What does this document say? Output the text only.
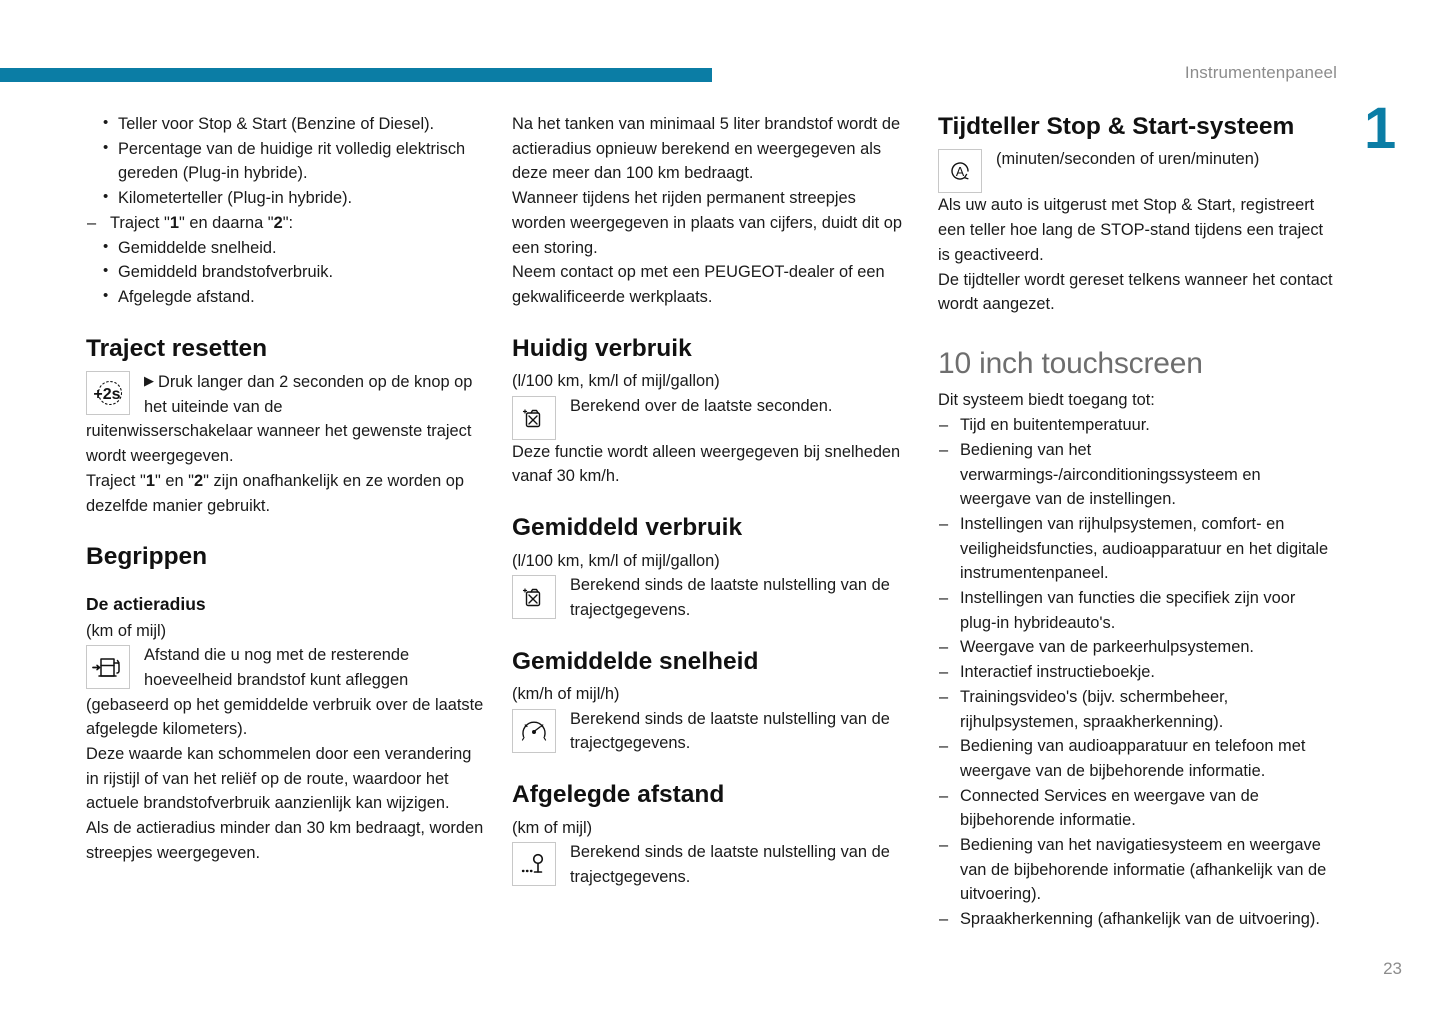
Instrumentenpaneel
1
23
• Teller voor Stop & Start (Benzine of Diesel).
• Percentage van de huidige rit volledig elektrisch gereden (Plug-in hybride).
• Kilometerteller (Plug-in hybride).
– Traject "1" en daarna "2":
• Gemiddelde snelheid.
• Gemiddeld brandstofverbruik.
• Afgelegde afstand.
Traject resetten
+2s
▶ Druk langer dan 2 seconden op de knop op het uiteinde van de

ruitenwisserschakelaar wanneer het gewenste traject wordt weergegeven.

Traject "1" en "2" zijn onafhankelijk en ze worden op dezelfde manier gebruikt.

Begrippen
De actieradius

(km of mijl)

Afstand die u nog met de resterende hoeveelheid brandstof kunt afleggen

(gebaseerd op het gemiddelde verbruik over de laatste afgelegde kilometers).

Deze waarde kan schommelen door een verandering in rijstijl of van het reliëf op de route, waardoor het actuele brandstofverbruik aanzienlijk kan wijzigen.

Als de actieradius minder dan 30 km bedraagt, worden streepjes weergegeven.

Na het tanken van minimaal 5 liter brandstof wordt de actieradius opnieuw berekend en weergegeven als deze meer dan 100 km bedraagt.

Wanneer tijdens het rijden permanent streepjes worden weergegeven in plaats van cijfers, duidt dit op een storing.

Neem contact op met een PEUGEOT-dealer of een gekwalificeerde werkplaats.

Huidig verbruik

(l/100 km, km/l of mijl/gallon)

Berekend over de laatste seconden.

Deze functie wordt alleen weergegeven bij snelheden vanaf 30 km/h.

Gemiddeld verbruik

(l/100 km, km/l of mijl/gallon)

Berekend sinds de laatste nulstelling van de trajectgegevens.
Gemiddelde snelheid

(km/h of mijl/h)

Berekend sinds de laatste nulstelling van de trajectgegevens.
Afgelegde afstand

(km of mijl)

Berekend sinds de laatste nulstelling van de trajectgegevens.
Tijdteller Stop & Start-systeem
A
(minuten/seconden of uren/minuten)

Als uw auto is uitgerust met Stop & Start, registreert een teller hoe lang de STOP-stand tijdens een traject is geactiveerd.

De tijdteller wordt gereset telkens wanneer het contact wordt aangezet.

10 inch touchscreen

Dit systeem biedt toegang tot:

– Tijd en buitentemperatuur.
– Bediening van het verwarmings-/airconditioningssysteem en weergave van de instellingen.
– Instellingen van rijhulpsystemen, comfort- en veiligheidsfuncties, audioapparatuur en het digitale instrumentenpaneel.
– Instellingen van functies die specifiek zijn voor plug-in hybrideauto's.
– Weergave van de parkeerhulpsystemen.
– Interactief instructieboekje.
– Trainingsvideo's (bijv. schermbeheer, rijhulpsystemen, spraakherkenning).
– Bediening van audioapparatuur en telefoon met weergave van de bijbehorende informatie.
– Connected Services en weergave van de bijbehorende informatie.
– Bediening van het navigatiesysteem en weergave van de bijbehorende informatie (afhankelijk van de uitvoering).
– Spraakherkenning (afhankelijk van de uitvoering).
